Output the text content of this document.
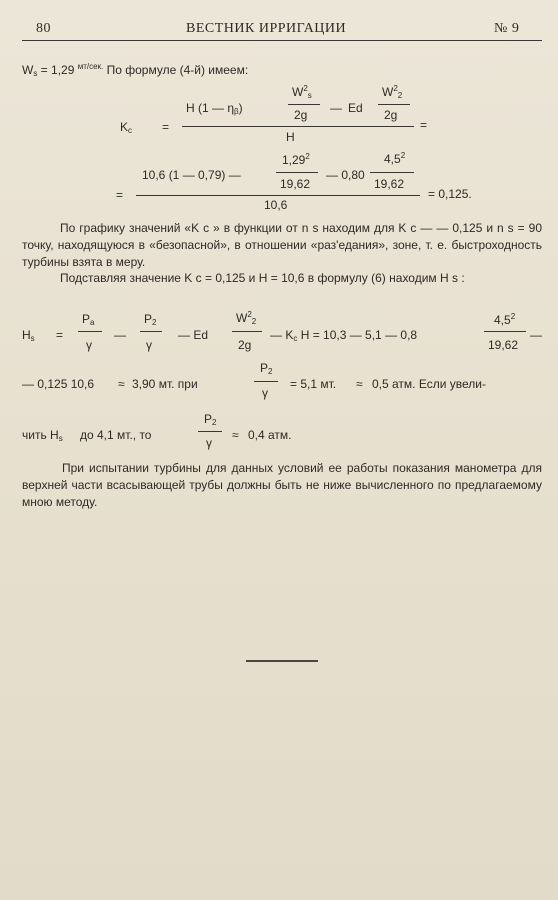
80	ВЕСТНИК ИРРИГАЦИИ	№ 9
$W_s = 1,29$ $^{мт/сек.}$ По формуле (4-й) имеем:
$K_c$ =
H (1 — $\eta_\beta$)
$W^2_s$
2g — Ed
$W^2_2$
2g
H
=
=
10,6 (1 — 0,79) —
1,29$^2$
19,62
— 0,80
$4,5^2$
19,62
10,6
= 0,125.
По графику значений «K с » в функции от n s находим для K с — — 0,125 и n s = 90 точку, находящуюся в «безопасной», в отношении «раз'едания», зоне, т. е. быстроходность турбины взята в меру.
Подставляя значение K с = 0,125 и H = 10,6 в формулу (6) находим H s :
$H_s$ =
$P_a$
γ
—
$P_2$
γ
— Ed
$W^2_2$
2g
— $K_c$ H = 10,3 — 5,1 — 0,8
$4,5^2$
19,62
—
— 0,125 10,6 ≈ 3,90 мт. при
$P_2$
γ
= 5,1 мт. ≈ 0,5 атм. Если увели-
чить $H_s$ до 4,1 мт., то
$P_2$
γ
≈ 0,4 атм.
При испытании турбины для данных условий ее работы показания манометра для верхней части всасывающей трубы должны быть не ниже вычисленного по предлагаемому мною методу.
